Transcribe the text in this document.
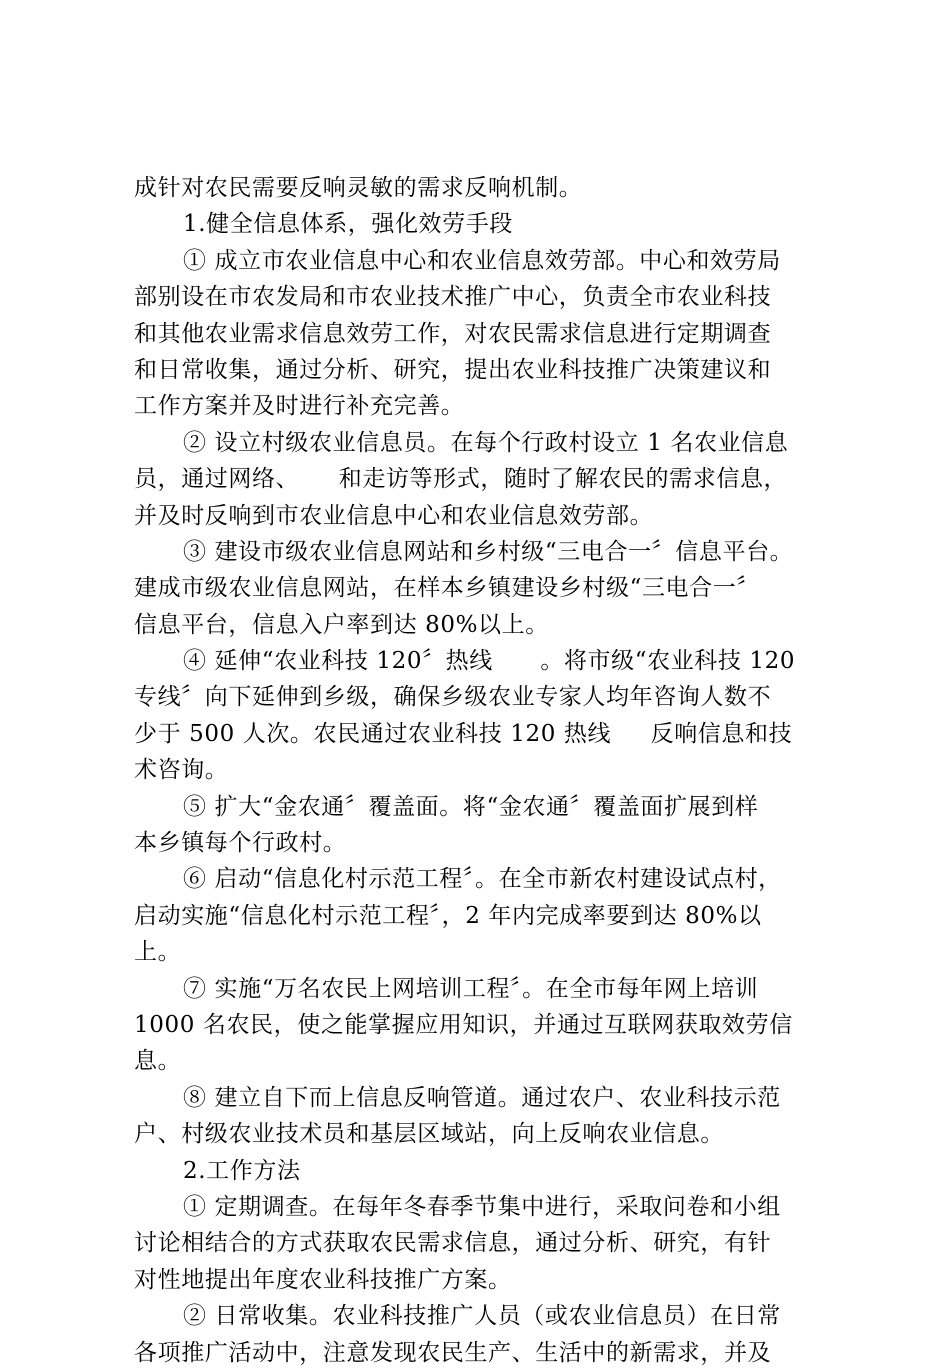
成针对农民需要反响灵敏的需求反响机制。
1.健全信息体系，强化效劳手段
① 成立市农业信息中心和农业信息效劳部。中心和效劳局
部别设在市农发局和市农业技术推广中心，负责全市农业科技
和其他农业需求信息效劳工作，对农民需求信息进行定期调查
和日常收集，通过分析、研究，提出农业科技推广决策建议和
工作方案并及时进行补充完善。
② 设立村级农业信息员。在每个行政村设立 1 名农业信息
员，通过网络、     和走访等形式，随时了解农民的需求信息，
并及时反响到市农业信息中心和农业信息效劳部。
③ 建设市级农业信息网站和乡村级“三电合一〞信息平台。
建成市级农业信息网站，在样本乡镇建设乡村级“三电合一〞
信息平台，信息入户率到达 80%以上。
④ 延伸“农业科技 120〞热线      。将市级“农业科技 120
专线〞向下延伸到乡级，确保乡级农业专家人均年咨询人数不
少于 500 人次。农民通过农业科技 120 热线     反响信息和技
术咨询。
⑤ 扩大“金农通〞覆盖面。将“金农通〞覆盖面扩展到样
本乡镇每个行政村。
⑥ 启动“信息化村示范工程〞。在全市新农村建设试点村，
启动实施“信息化村示范工程〞，2 年内完成率要到达 80%以
上。
⑦ 实施“万名农民上网培训工程〞。在全市每年网上培训
1000 名农民，使之能掌握应用知识，并通过互联网获取效劳信
息。
⑧ 建立自下而上信息反响管道。通过农户、农业科技示范
户、村级农业技术员和基层区域站，向上反响农业信息。
2.工作方法
① 定期调查。在每年冬春季节集中进行，采取问卷和小组
讨论相结合的方式获取农民需求信息，通过分析、研究，有针
对性地提出年度农业科技推广方案。
② 日常收集。农业科技推广人员（或农业信息员）在日常
各项推广活动中，注意发现农民生产、生活中的新需求，并及
